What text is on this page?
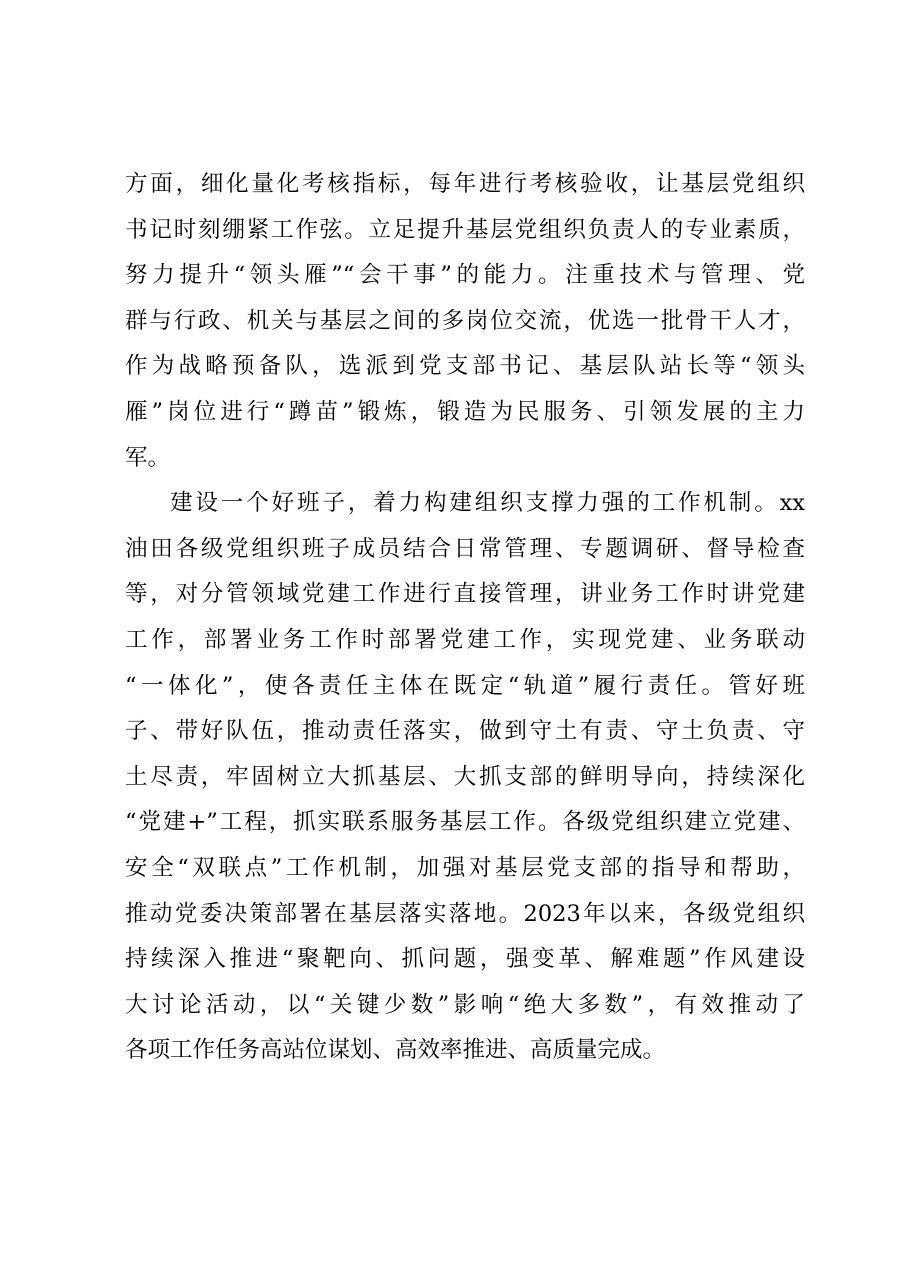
方面，细化量化考核指标，每年进行考核验收，让基层党组织
书记时刻绷紧工作弦。立足提升基层党组织负责人的专业素质，
努力提升“领头雁”“会干事”的能力。注重技术与管理、党
群与行政、机关与基层之间的多岗位交流，优选一批骨干人才，
作为战略预备队，选派到党支部书记、基层队站长等“领头
雁”岗位进行“蹲苗”锻炼，锻造为民服务、引领发展的主力
军。
建设一个好班子，着力构建组织支撑力强的工作机制。xx
油田各级党组织班子成员结合日常管理、专题调研、督导检查
等，对分管领域党建工作进行直接管理，讲业务工作时讲党建
工作，部署业务工作时部署党建工作，实现党建、业务联动
“一体化”，使各责任主体在既定“轨道”履行责任。管好班
子、带好队伍，推动责任落实，做到守土有责、守土负责、守
土尽责，牢固树立大抓基层、大抓支部的鲜明导向，持续深化
“党建+”工程，抓实联系服务基层工作。各级党组织建立党建、
安全“双联点”工作机制，加强对基层党支部的指导和帮助，
推动党委决策部署在基层落实落地。2023年以来，各级党组织
持续深入推进“聚靶向、抓问题，强变革、解难题”作风建设
大讨论活动，以“关键少数”影响“绝大多数”，有效推动了
各项工作任务高站位谋划、高效率推进、高质量完成。
